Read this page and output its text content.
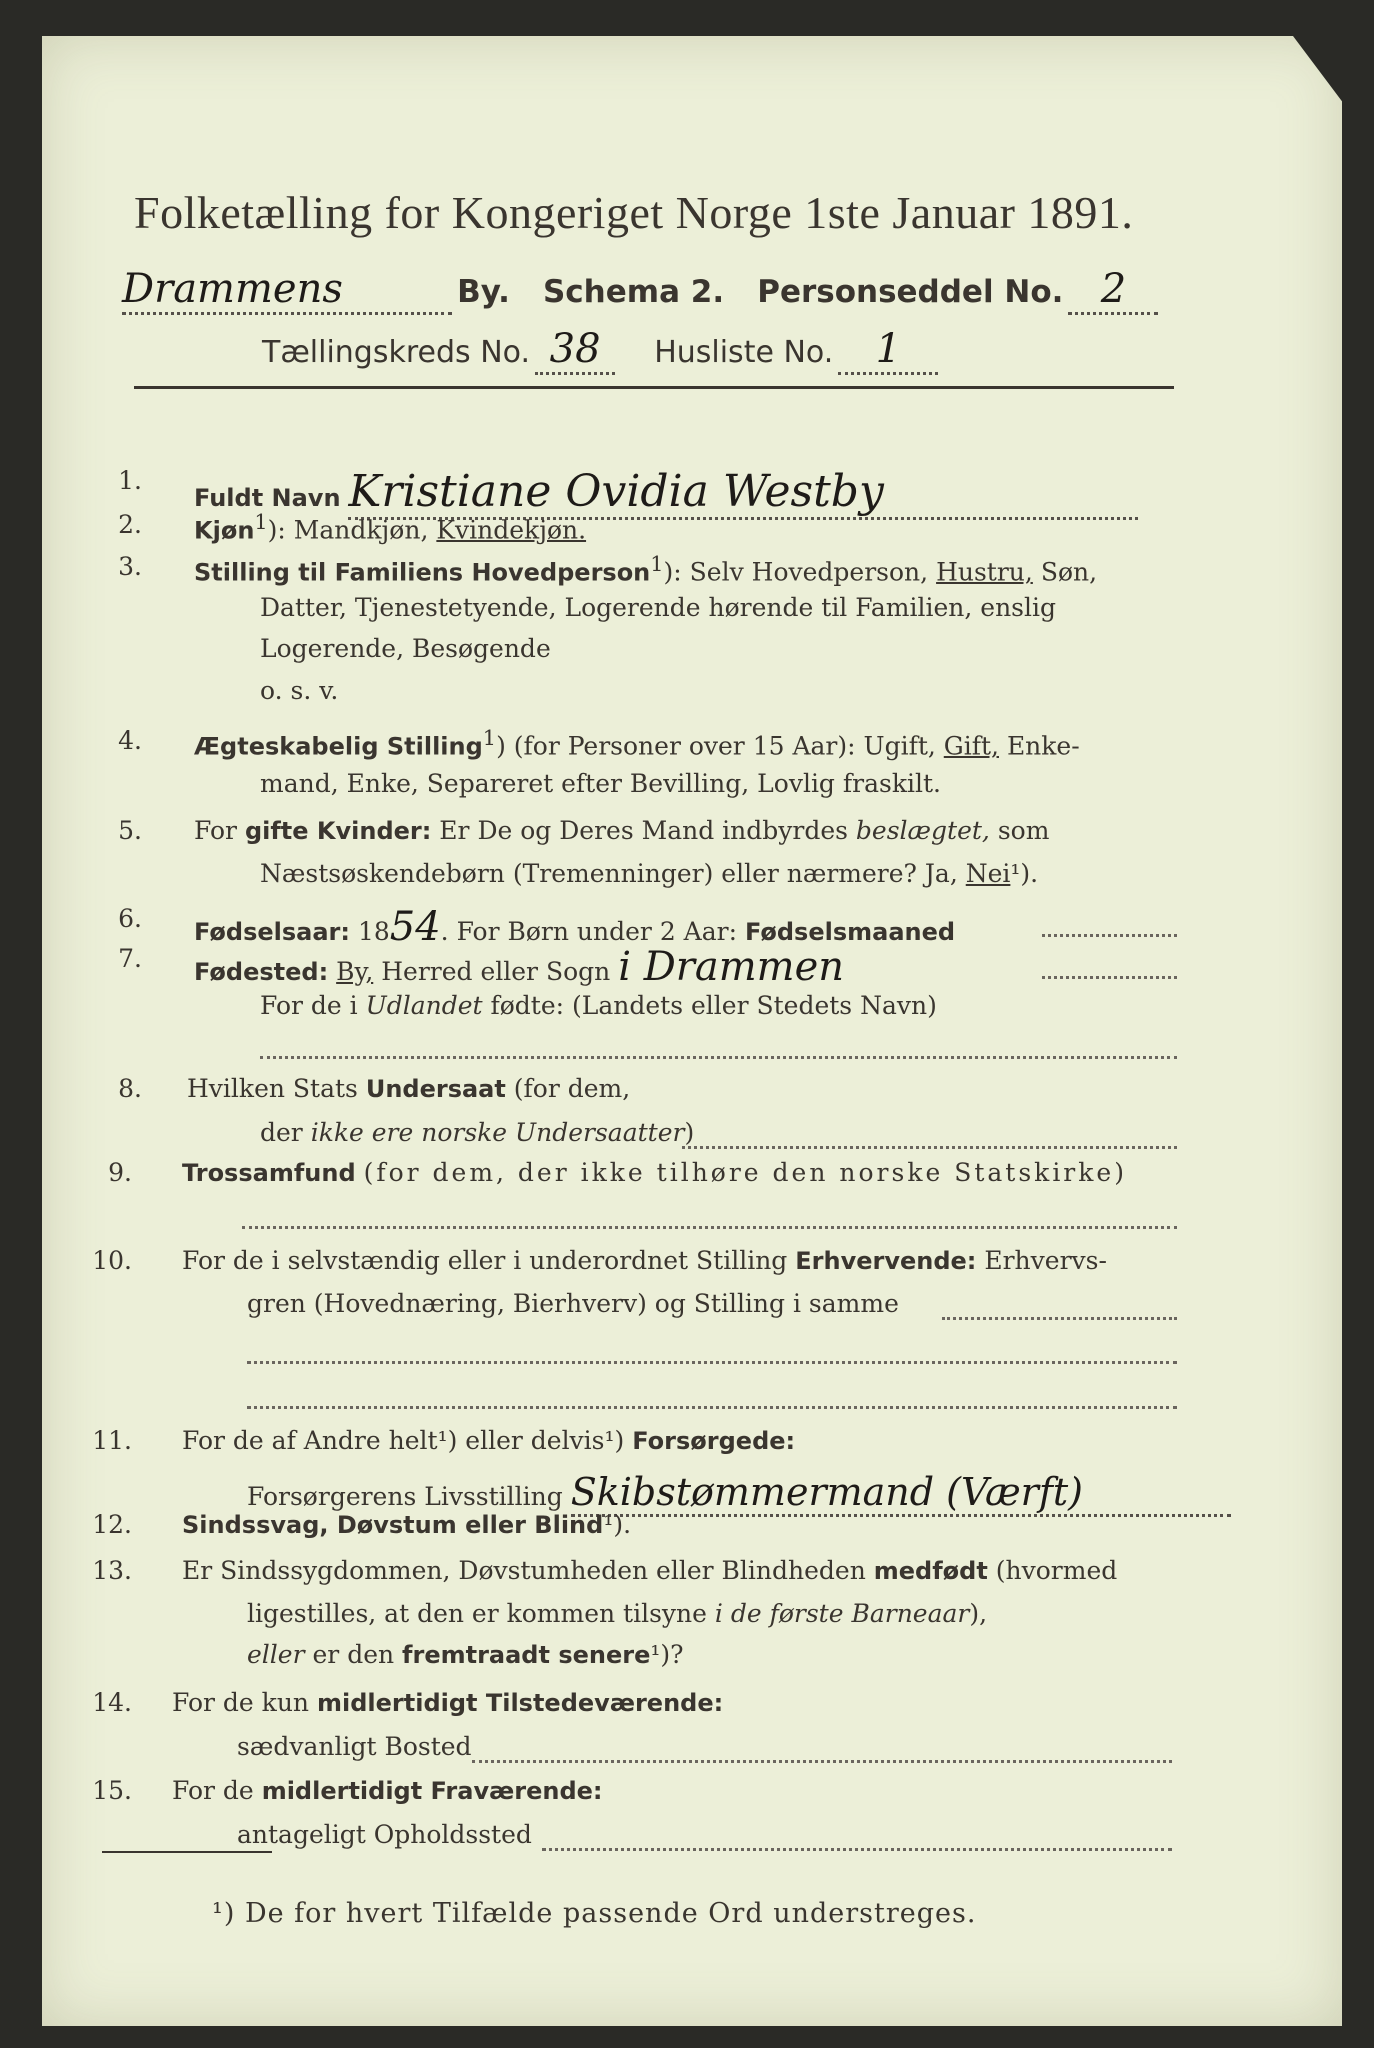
Folketælling for Kongeriget Norge 1ste Januar 1891.
Drammens	By. Schema 2. Personseddel No. 2
Tællingskreds No. 38 Husliste No. 1
1.
Fuldt Navn Kristiane Ovidia Westby
2. Kjøn$^1$): Mandkjøn, Kvindekjøn.
3. Stilling til Familiens Hovedperson$^1$): Selv Hovedperson, Hustru, Søn,
Datter, Tjenestetyende, Logerende hørende til Familien, enslig
Logerende, Besøgende
o. s. v.
4. Ægteskabelig Stilling$^1$) (for Personer over 15 Aar): Ugift, Gift, Enke-
mand, Enke, Separeret efter Bevilling, Lovlig fraskilt.
5. For gifte Kvinder: Er De og Deres Mand indbyrdes beslægtet, som
Næstsøskendebørn (Tremenninger) eller nærmere? Ja, Nei¹).
6. Fødselsaar: 1854. For Børn under 2 Aar: Fødselsmaaned
7. Fødested: By, Herred eller Sogn i Drammen
For de i Udlandet fødte: (Landets eller Stedets Navn)
8. Hvilken Stats Undersaat (for dem,
der ikke ere norske Undersaatter)
9. Trossamfund (for dem, der ikke tilhøre den norske Statskirke)
10. For de i selvstændig eller i underordnet Stilling Erhvervende: Erhvervs-
gren (Hovednæring, Bierhverv) og Stilling i samme
11. For de af Andre helt¹) eller delvis¹) Forsørgede:
Forsørgerens Livsstilling Skibstømmermand (Værft)
12. Sindssvag, Døvstum eller Blind¹).
13. Er Sindssygdommen, Døvstumheden eller Blindheden medfødt (hvormed
ligestilles, at den er kommen tilsyne i de første Barneaar),
eller er den fremtraadt senere¹)?
14. For de kun midlertidigt Tilstedeværende:
sædvanligt Bosted
15. For de midlertidigt Fraværende:
antageligt Opholdssted
¹) De for hvert Tilfælde passende Ord understreges.
